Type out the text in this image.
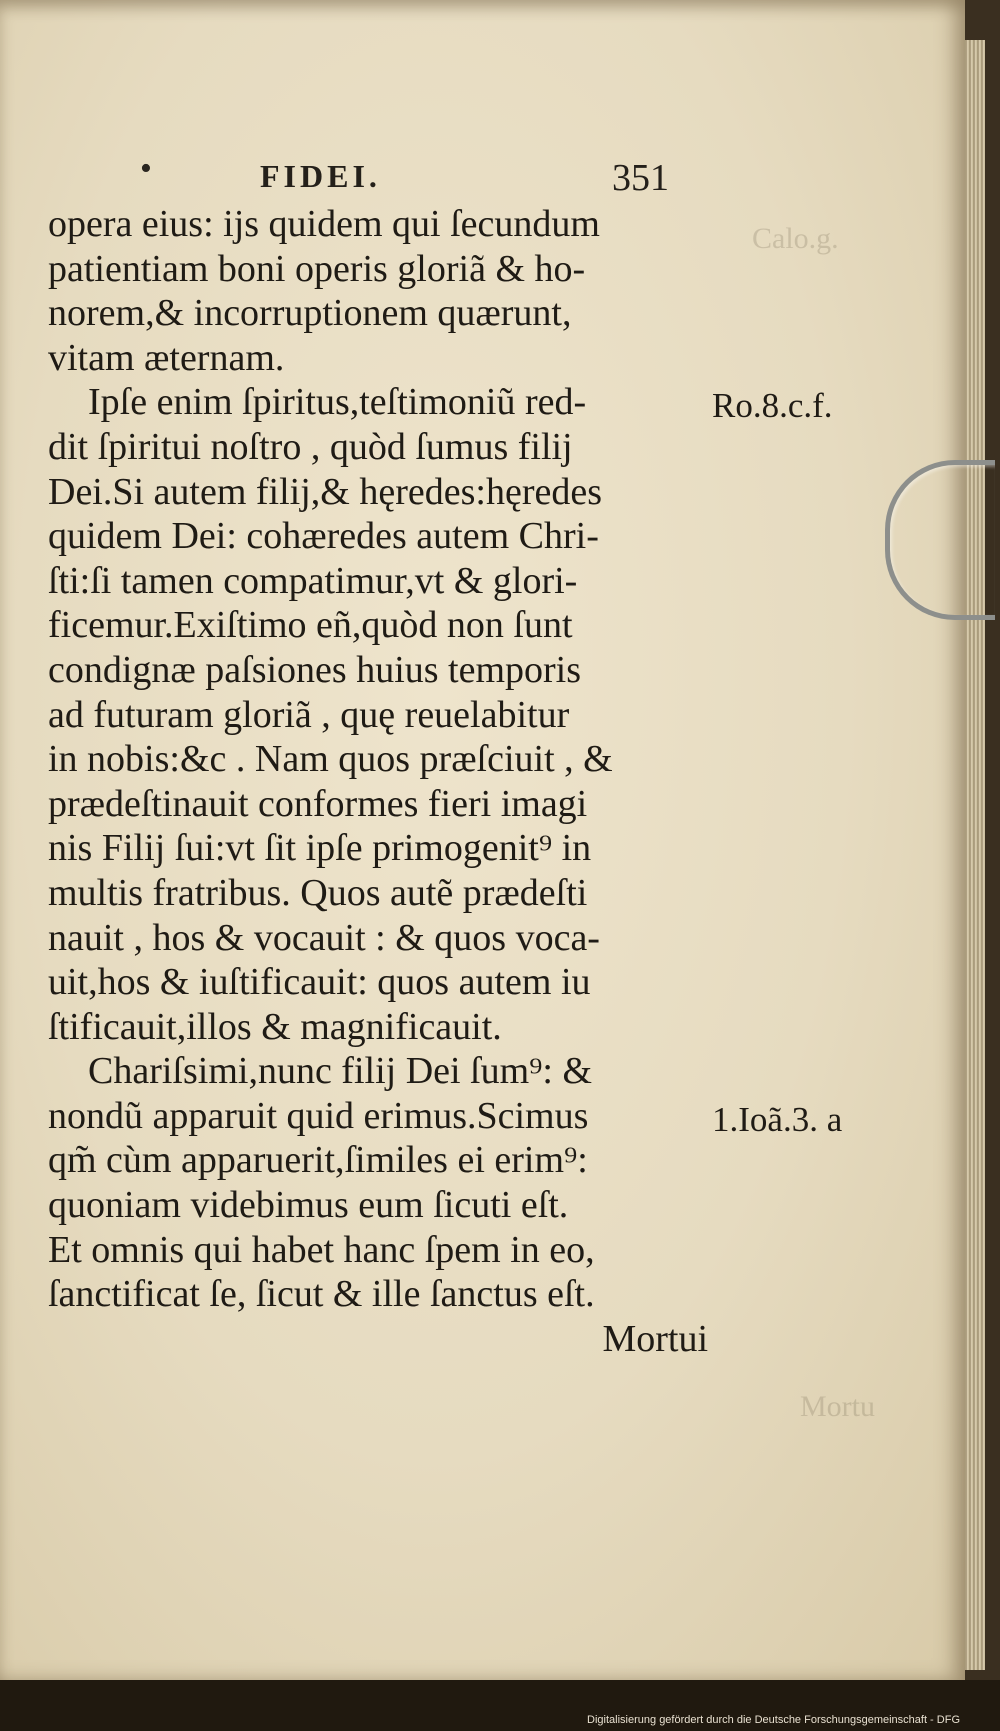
Calo.g.
Mortu
•	FIDEI.	351
opera eius: ijs quidem qui ſecundum
patientiam boni operis gloriã & ho-
norem,& incorruptionem quærunt,
vitam æternam.
Ipſe enim ſpiritus,teſtimoniũ red-
dit ſpiritui noſtro , quòd ſumus filij
Dei.Si autem filij,& hęredes:hęredes
quidem Dei: cohæredes autem Chri-
ſti:ſi tamen compatimur,vt & glori-
ficemur.Exiſtimo eñ,quòd non ſunt
condignæ paſsiones huius temporis
ad futuram gloriã , quę reuelabitur
in nobis:&c . Nam quos præſciuit , &
prædeſtinauit conformes fieri imagi
nis Filij ſui:vt ſit ipſe primogenit⁹ in
multis fratribus. Quos autẽ prædeſti
nauit , hos & vocauit : & quos voca-
uit,hos & iuſtificauit: quos autem iu
ſtificauit,illos & magnificauit.
Chariſsimi,nunc filij Dei ſum⁹: &
nondũ apparuit quid erimus.Scimus
qm̃ cùm apparuerit,ſimiles ei erim⁹:
quoniam videbimus eum ſicuti eſt.
Et omnis qui habet hanc ſpem in eo,
ſanctificat ſe, ſicut & ille ſanctus eſt.
Mortui
Ro.8.c.f.
1.Ioã.3. a
Digitalisierung gefördert durch die Deutsche Forschungsgemeinschaft - DFG
